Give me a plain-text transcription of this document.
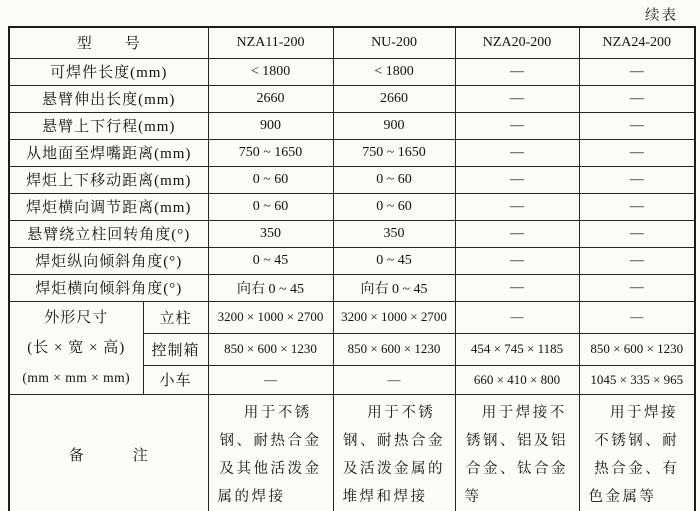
续表
型　　号		NZA11-200	NU-200	NZA20-200	NZA24-200
可焊件长度(mm)		< 1800	< 1800	—	—
悬臂伸出长度(mm)		2660	2660	—	—
悬臂上下行程(mm)		900	900	—	—
从地面至焊嘴距离(mm)		750 ~ 1650	750 ~ 1650	—	—
焊炬上下移动距离(mm)		0 ~ 60	0 ~ 60	—	—
焊炬横向调节距离(mm)		0 ~ 60	0 ~ 60	—	—
悬臂绕立柱回转角度(°)		350	350	—	—
焊炬纵向倾斜角度(°)		0 ~ 45	0 ~ 45	—	—
焊炬横向倾斜角度(°)		向右 0 ~ 45	向右 0 ~ 45	—	—

外形尺寸
(长 × 宽 × 高)
(mm × mm × mm)	立柱	3200 × 1000 × 2700	3200 × 1000 × 2700	—	—
	控制箱	850 × 600 × 1230	850 × 600 × 1230	454 × 745 × 1185	850 × 600 × 1230
	小车	—	—	660 × 410 × 800	1045 × 335 × 965
备　　　注		用于不锈钢、耐热合金及其他活泼金属的焊接	用于不锈钢、耐热合金及活泼金属的堆焊和焊接	用于焊接不锈钢、铝及铝合金、钛合金等	用于焊接不锈钢、耐热合金、有色金属等
